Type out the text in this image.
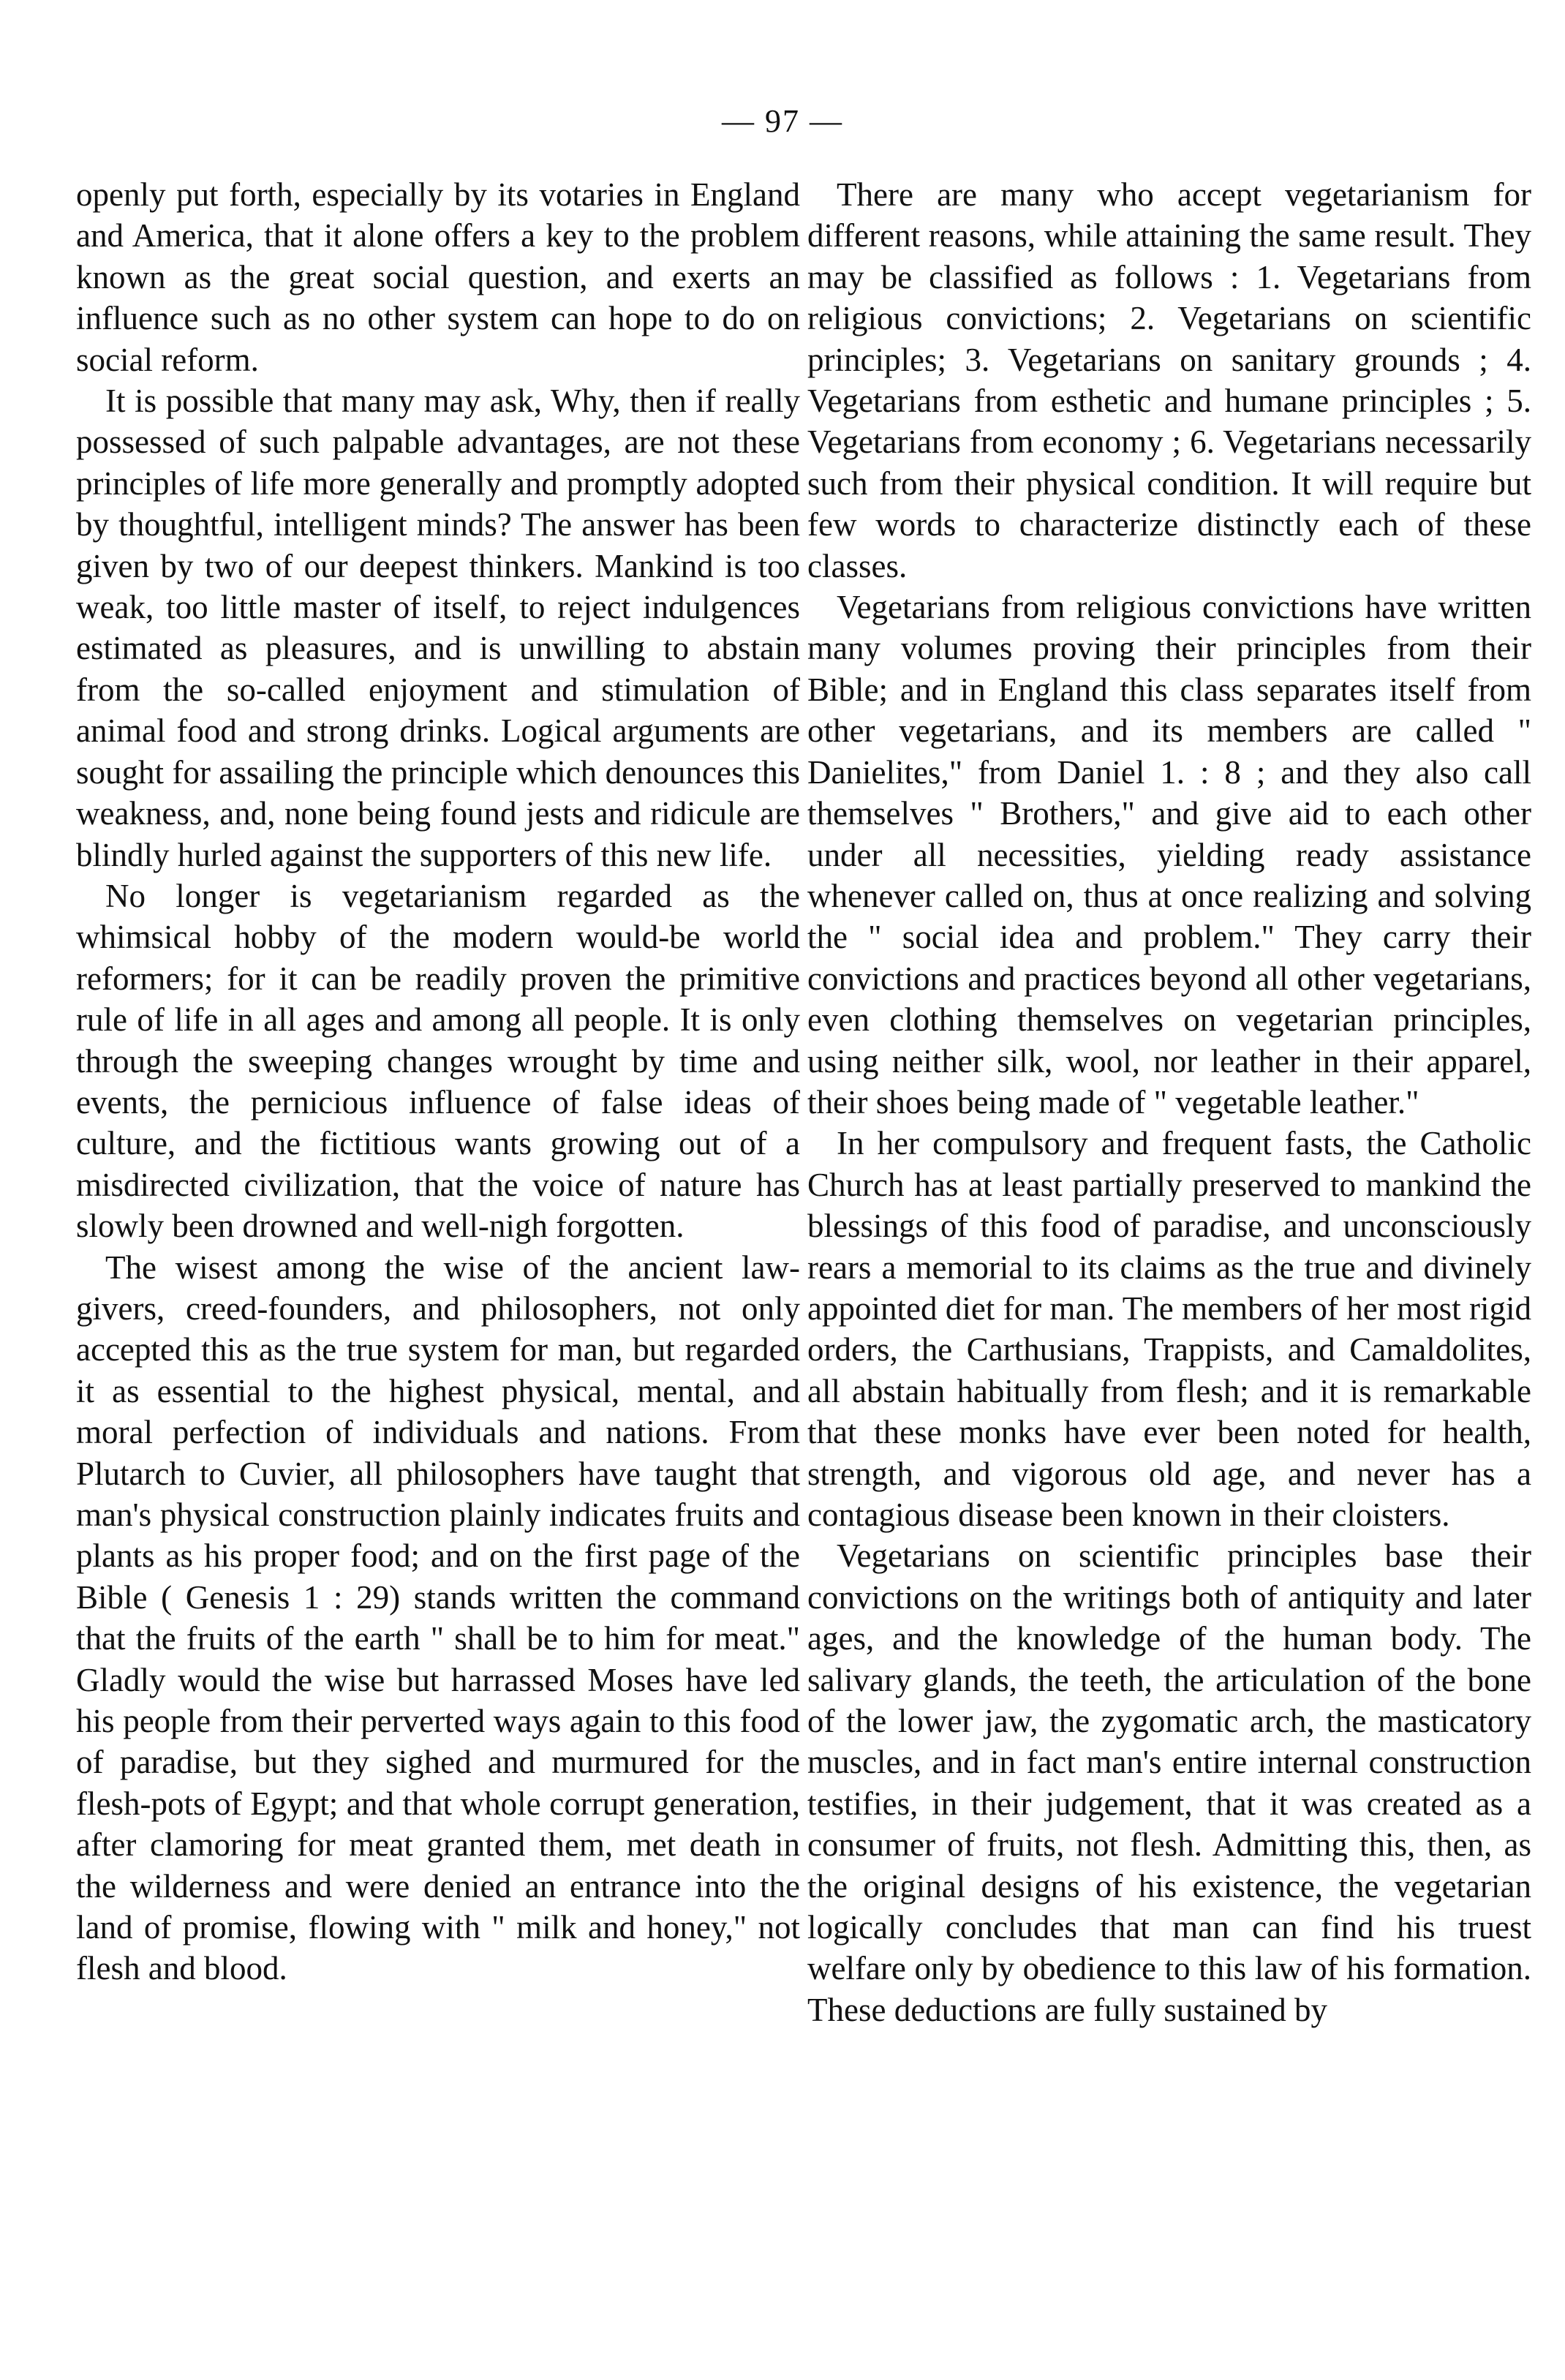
— 97 —

openly put forth, especially by its votaries in England and America, that it alone offers a key to the problem known as the great social question, and exerts an influence such as no other system can hope to do on social reform.

It is possible that many may ask, Why, then if really possessed of such palpable advantages, are not these principles of life more generally and promptly adopted by thoughtful, intelligent minds? The answer has been given by two of our deepest thinkers. Mankind is too weak, too little master of itself, to reject indulgences estimated as pleasures, and is unwilling to abstain from the so-called enjoyment and stimulation of animal food and strong drinks. Logical arguments are sought for assailing the principle which denounces this weakness, and, none being found jests and ridicule are blindly hurled against the supporters of this new life.

No longer is vegetarianism regarded as the whimsical hobby of the modern would-be world reformers; for it can be readily proven the primitive rule of life in all ages and among all people. It is only through the sweeping changes wrought by time and events, the pernicious influence of false ideas of culture, and the fictitious wants growing out of a misdirected civilization, that the voice of nature has slowly been drowned and well-nigh forgotten.

The wisest among the wise of the ancient law-givers, creed-founders, and philosophers, not only accepted this as the true system for man, but regarded it as essential to the highest physical, mental, and moral perfection of individuals and nations. From Plutarch to Cuvier, all philosophers have taught that man's physical construction plainly indicates fruits and plants as his proper food; and on the first page of the Bible ( Genesis 1 : 29) stands written the command that the fruits of the earth " shall be to him for meat." Gladly would the wise but harrassed Moses have led his people from their perverted ways again to this food of paradise, but they sighed and murmured for the flesh-pots of Egypt; and that whole corrupt generation, after clamoring for meat granted them, met death in the wilderness and were denied an entrance into the land of promise, flowing with " milk and honey," not flesh and blood.

There are many who accept vegetarianism for different reasons, while attaining the same result. They may be classified as follows : 1. Vegetarians from religious convictions; 2. Vegetarians on scientific principles; 3. Vegetarians on sanitary grounds ; 4. Vegetarians from esthetic and humane principles ; 5. Vegetarians from economy ; 6. Vegetarians necessarily such from their physical condition. It will require but few words to characterize distinctly each of these classes.

Vegetarians from religious convictions have written many volumes proving their principles from their Bible; and in England this class separates itself from other vegetarians, and its members are called " Danielites," from Daniel 1. : 8 ; and they also call themselves " Brothers," and give aid to each other under all necessities, yielding ready assistance whenever called on, thus at once realizing and solving the " social idea and problem." They carry their convictions and practices beyond all other vegetarians, even clothing themselves on vegetarian principles, using neither silk, wool, nor leather in their apparel, their shoes being made of " vegetable leather."

In her compulsory and frequent fasts, the Catholic Church has at least partially preserved to mankind the blessings of this food of paradise, and unconsciously rears a memorial to its claims as the true and divinely appointed diet for man. The members of her most rigid orders, the Carthusians, Trappists, and Camaldolites, all abstain habitually from flesh; and it is remarkable that these monks have ever been noted for health, strength, and vigorous old age, and never has a contagious disease been known in their cloisters.

Vegetarians on scientific principles base their convictions on the writings both of antiquity and later ages, and the knowledge of the human body. The salivary glands, the teeth, the articulation of the bone of the lower jaw, the zygomatic arch, the masticatory muscles, and in fact man's entire internal construction testifies, in their judgement, that it was created as a consumer of fruits, not flesh. Admitting this, then, as the original designs of his existence, the vegetarian logically concludes that man can find his truest welfare only by obedience to this law of his formation. These deductions are fully sustained by
